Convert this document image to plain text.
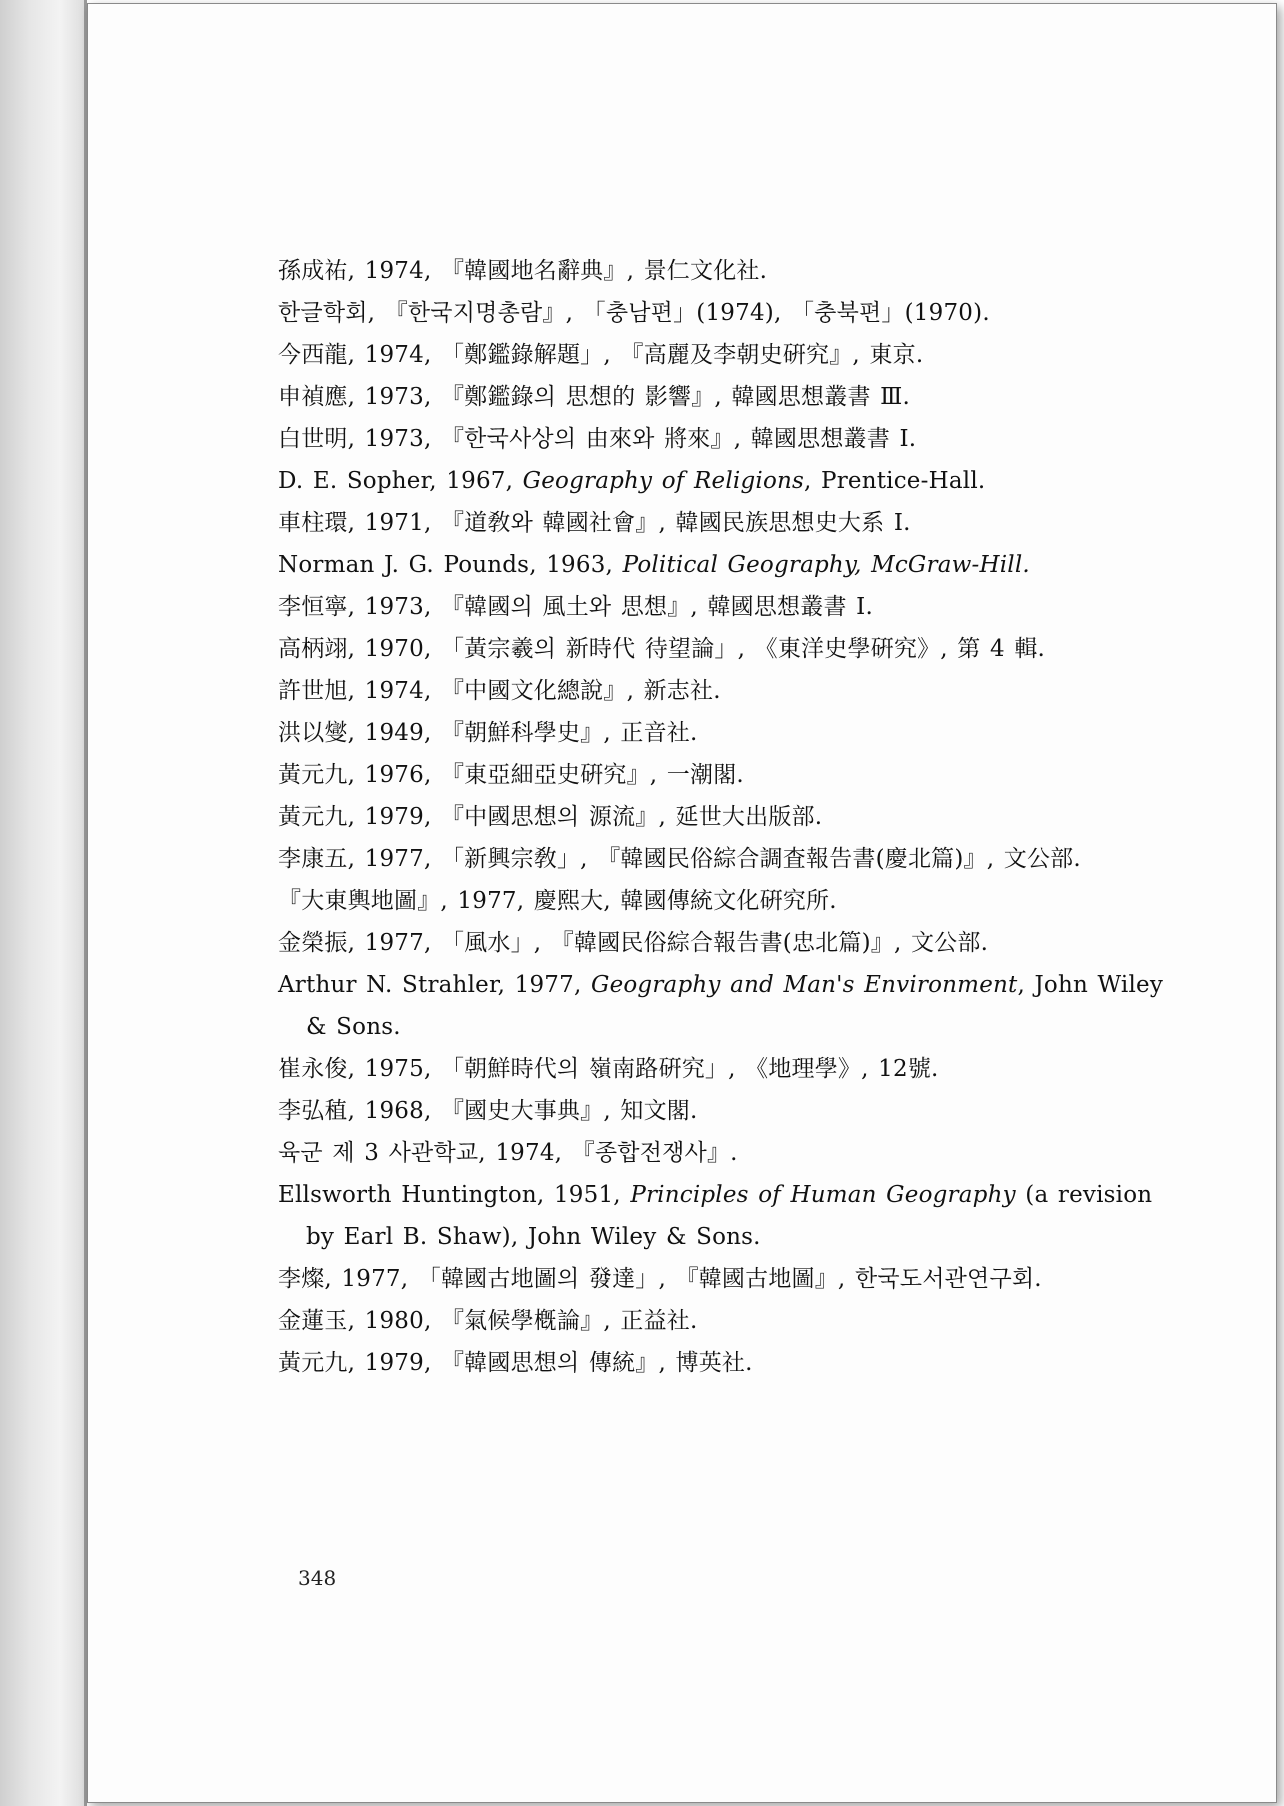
孫成祐, 1974, 『韓國地名辭典』, 景仁文化社.
한글학회, 『한국지명총람』, 「충남편」(1974), 「충북편」(1970).
今西龍, 1974, 「鄭鑑錄解題」, 『高麗及李朝史硏究』, 東京.
申禎應, 1973, 『鄭鑑錄의 思想的 影響』, 韓國思想叢書 Ⅲ.
白世明, 1973, 『한국사상의 由來와 將來』, 韓國思想叢書 Ⅰ.
D. E. Sopher, 1967, Geography of Religions, Prentice-Hall.
車柱環, 1971, 『道敎와 韓國社會』, 韓國民族思想史大系 Ⅰ.
Norman J. G. Pounds, 1963, Political Geography, McGraw-Hill.
李恒寧, 1973, 『韓國의 風土와 思想』, 韓國思想叢書 Ⅰ.
高柄翊, 1970, 「黃宗羲의 新時代 待望論」, 《東洋史學硏究》, 第 4 輯.
許世旭, 1974, 『中國文化總說』, 新志社.
洪以燮, 1949, 『朝鮮科學史』, 正音社.
黃元九, 1976, 『東亞細亞史硏究』, 一潮閣.
黃元九, 1979, 『中國思想의 源流』, 延世大出版部.
李康五, 1977, 「新興宗敎」, 『韓國民俗綜合調査報告書(慶北篇)』, 文公部.
『大東輿地圖』, 1977, 慶熙大, 韓國傳統文化硏究所.
金榮振, 1977, 「風水」, 『韓國民俗綜合報告書(忠北篇)』, 文公部.
Arthur N. Strahler, 1977, Geography and Man's Environment, John Wiley & Sons.
崔永俊, 1975, 「朝鮮時代의 嶺南路硏究」, 《地理學》, 12號.
李弘稙, 1968, 『國史大事典』, 知文閣.
육군 제 3 사관학교, 1974, 『종합전쟁사』.
Ellsworth Huntington, 1951, Principles of Human Geography (a revision by Earl B. Shaw), John Wiley & Sons.
李燦, 1977, 「韓國古地圖의 發達」, 『韓國古地圖』, 한국도서관연구회.
金蓮玉, 1980, 『氣候學槪論』, 正益社.
黃元九, 1979, 『韓國思想의 傳統』, 博英社.
348
